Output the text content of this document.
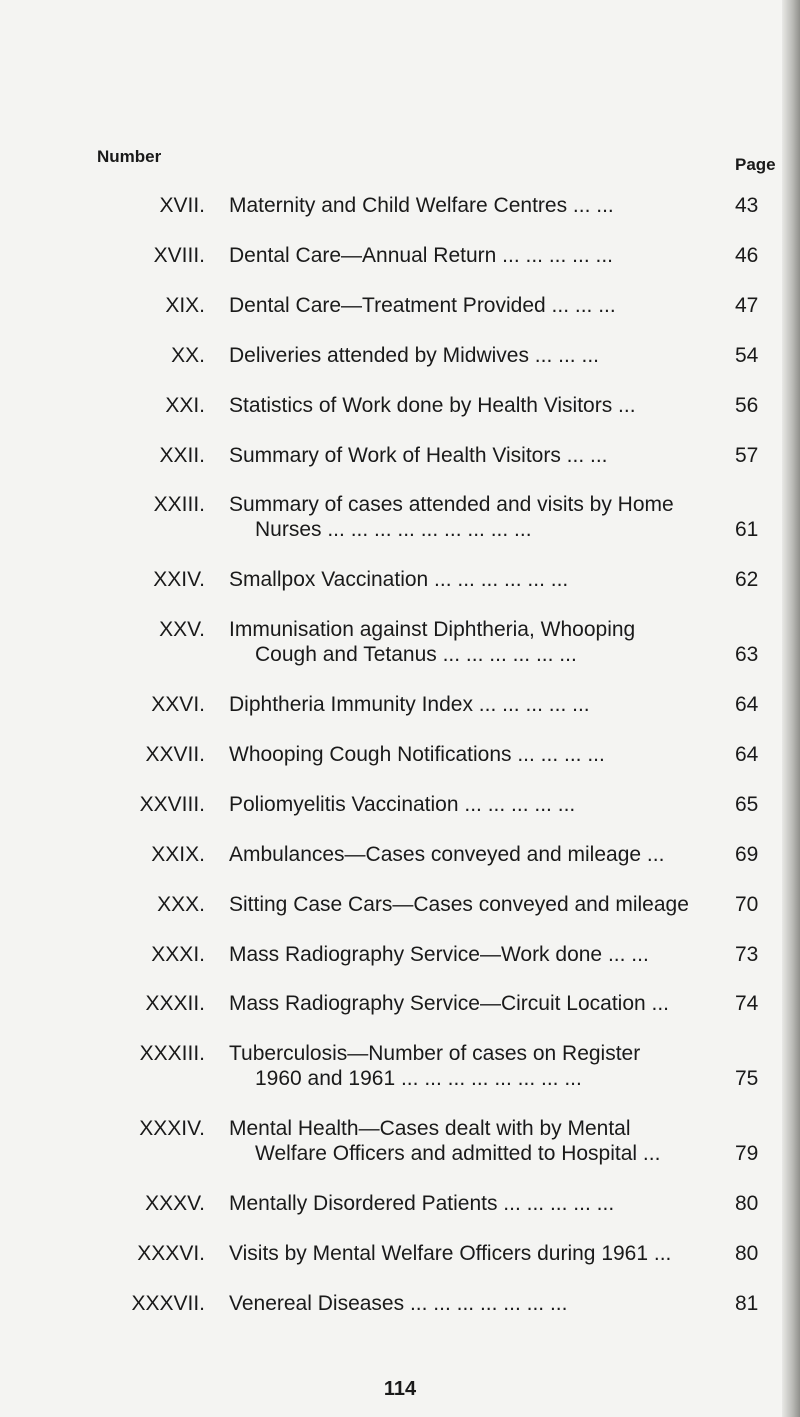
Number	Page
XVII. Maternity and Child Welfare Centres ... ...	43
XVIII. Dental Care—Annual Return ... ... ... ... ...	46
XIX. Dental Care—Treatment Provided ... ... ...	47
XX. Deliveries attended by Midwives ... ... ...	54
XXI. Statistics of Work done by Health Visitors ...	56
XXII. Summary of Work of Health Visitors ... ...	57
XXIII. Summary of cases attended and visits by Home
Nurses ... ... ... ... ... ... ... ... ...	61
XXIV. Smallpox Vaccination ... ... ... ... ... ...	62
XXV. Immunisation against Diphtheria, Whooping
Cough and Tetanus ... ... ... ... ... ...	63
XXVI. Diphtheria Immunity Index ... ... ... ... ...	64
XXVII. Whooping Cough Notifications ... ... ... ...	64
XXVIII. Poliomyelitis Vaccination ... ... ... ... ...	65
XXIX. Ambulances—Cases conveyed and mileage ...	69
XXX. Sitting Case Cars—Cases conveyed and mileage	70
XXXI. Mass Radiography Service—Work done ... ...	73
XXXII. Mass Radiography Service—Circuit Location ...	74
XXXIII. Tuberculosis—Number of cases on Register
1960 and 1961 ... ... ... ... ... ... ... ...	75
XXXIV. Mental Health—Cases dealt with by Mental
Welfare Officers and admitted to Hospital ...	79
XXXV. Mentally Disordered Patients ... ... ... ... ...	80
XXXVI. Visits by Mental Welfare Officers during 1961 ...	80
XXXVII. Venereal Diseases ... ... ... ... ... ... ...	81
114
